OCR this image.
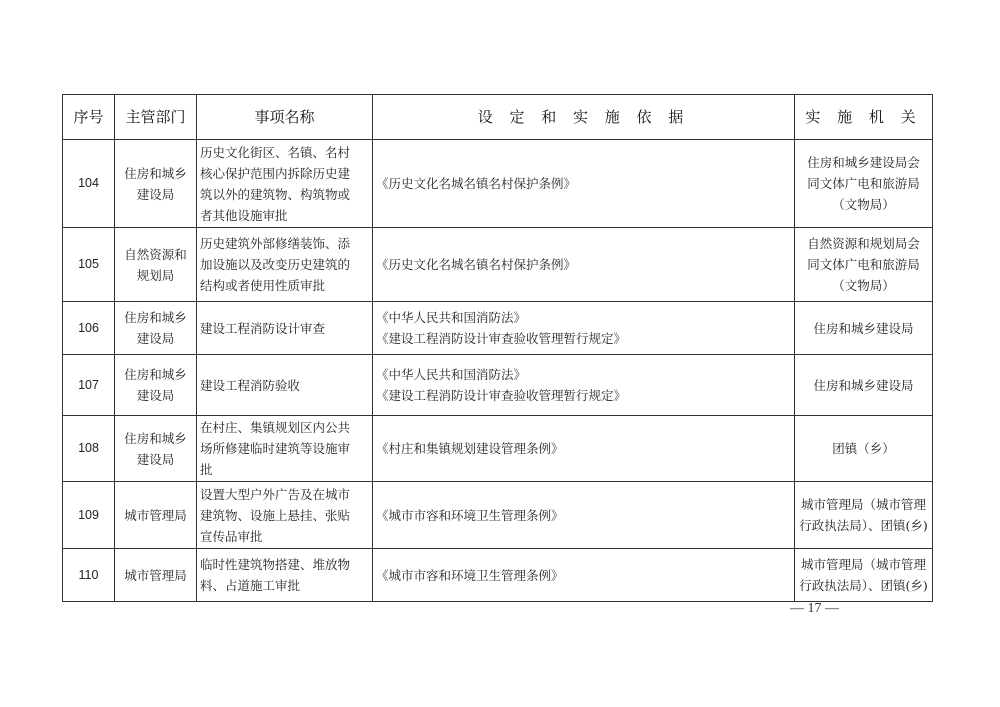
序号	主管部门	事项名称	设 定 和 实 施 依 据	实 施 机 关
104	住房和城乡
建设局	历史文化街区、名镇、名村
核心保护范围内拆除历史建
筑以外的建筑物、构筑物或
者其他设施审批	《历史文化名城名镇名村保护条例》	住房和城乡建设局会
同文体广电和旅游局
（文物局）

105	自然资源和
规划局	历史建筑外部修缮装饰、添
加设施以及改变历史建筑的
结构或者使用性质审批	《历史文化名城名镇名村保护条例》	自然资源和规划局会
同文体广电和旅游局
（文物局）

106	住房和城乡
建设局	建设工程消防设计审查	《中华人民共和国消防法》
《建设工程消防设计审查验收管理暂行规定》	住房和城乡建设局

107	住房和城乡
建设局	建设工程消防验收	《中华人民共和国消防法》
《建设工程消防设计审查验收管理暂行规定》	住房和城乡建设局

108	住房和城乡
建设局	在村庄、集镇规划区内公共
场所修建临时建筑等设施审
批	《村庄和集镇规划建设管理条例》	团镇（乡）

109	城市管理局	设置大型户外广告及在城市
建筑物、设施上悬挂、张贴
宣传品审批	《城市市容和环境卫生管理条例》	城市管理局（城市管理
行政执法局）、团镇(乡)

110	城市管理局	临时性建筑物搭建、堆放物
料、占道施工审批	《城市市容和环境卫生管理条例》	城市管理局（城市管理
行政执法局）、团镇(乡)
— 17 —
